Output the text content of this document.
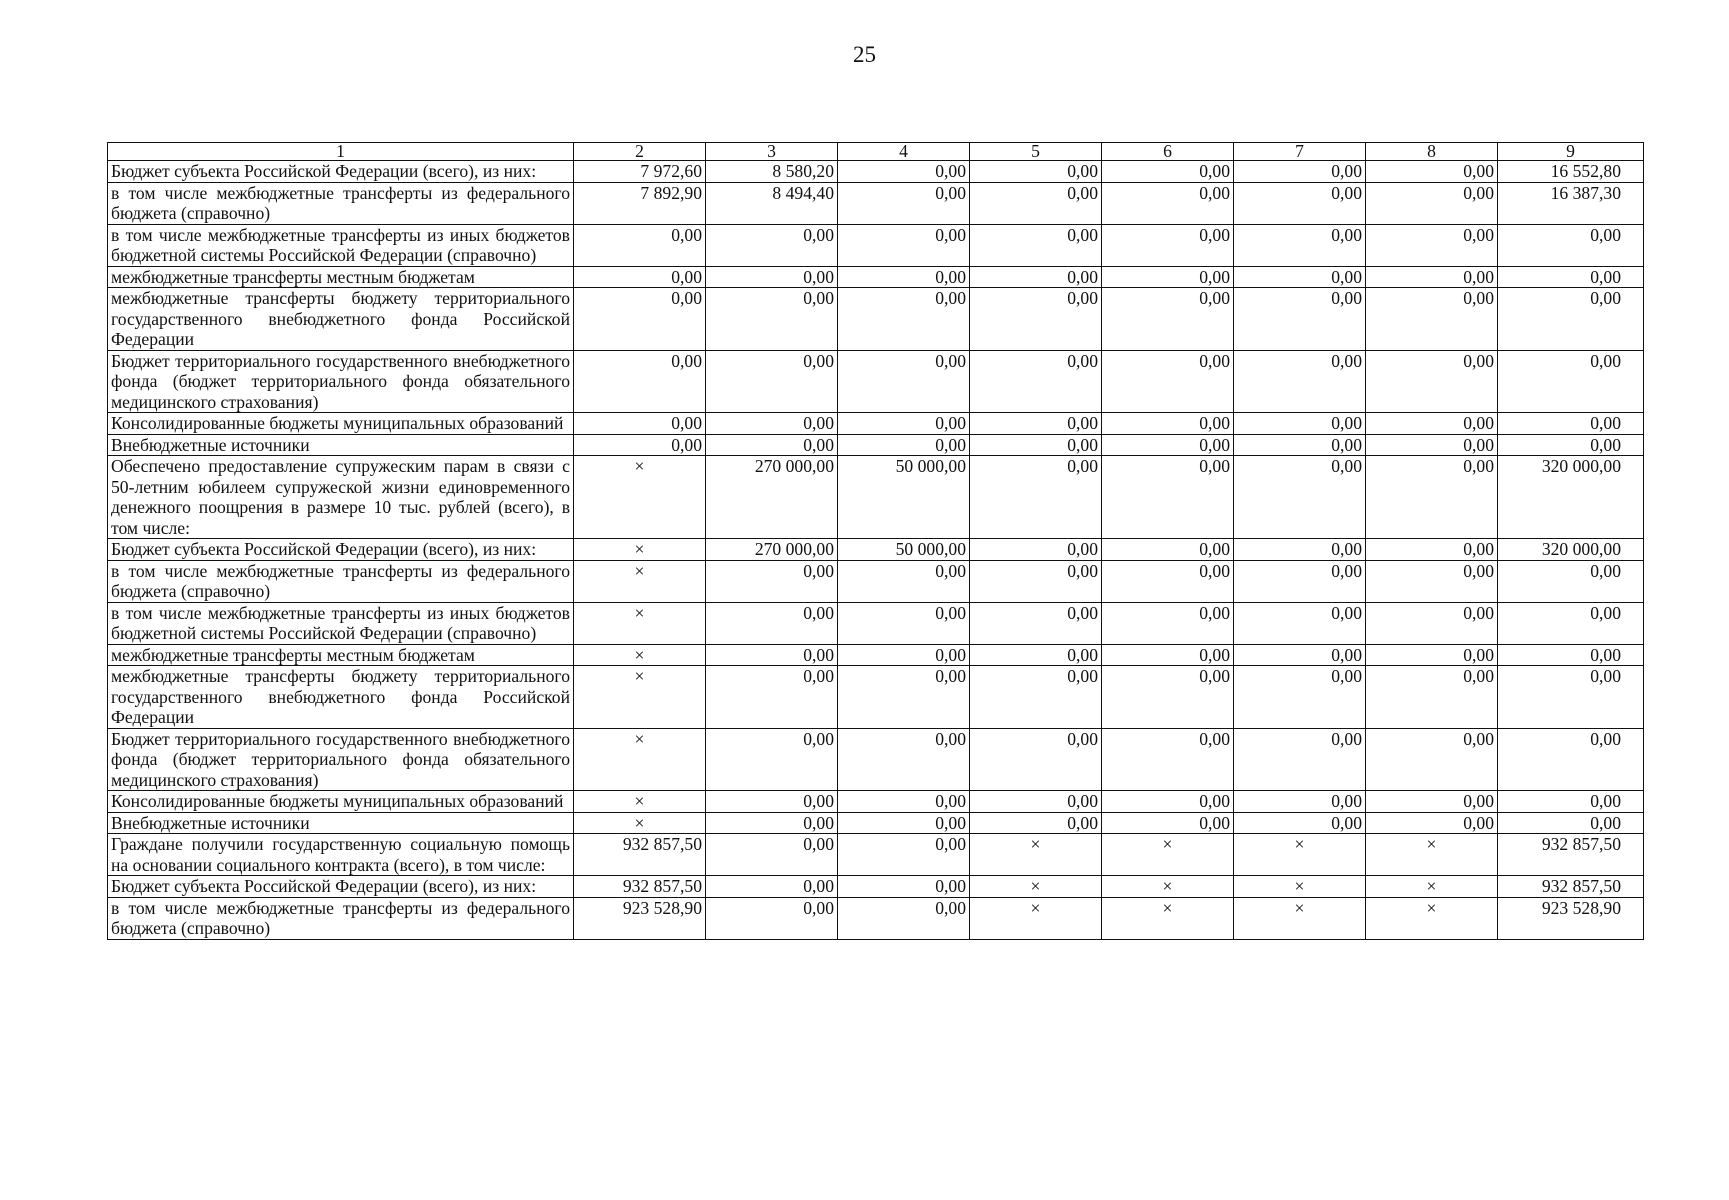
25
1	2	3	4	5	6	7	8	9
Бюджет субъекта Российской Федерации (всего), из них:	7 972,60	8 580,20	0,00	0,00	0,00	0,00	0,00	16 552,80
в том числе межбюджетные трансферты из федерального бюджета (справочно)	7 892,90	8 494,40	0,00	0,00	0,00	0,00	0,00	16 387,30
в том числе межбюджетные трансферты из иных бюджетов бюджетной системы Российской Федерации (справочно)	0,00	0,00	0,00	0,00	0,00	0,00	0,00	0,00
межбюджетные трансферты местным бюджетам	0,00	0,00	0,00	0,00	0,00	0,00	0,00	0,00
межбюджетные трансферты бюджету территориального государственного внебюджетного фонда Российской Федерации	0,00	0,00	0,00	0,00	0,00	0,00	0,00	0,00
Бюджет территориального государственного внебюджетного фонда (бюджет территориального фонда обязательного медицинского страхования)	0,00	0,00	0,00	0,00	0,00	0,00	0,00	0,00
Консолидированные бюджеты муниципальных образований	0,00	0,00	0,00	0,00	0,00	0,00	0,00	0,00
Внебюджетные источники	0,00	0,00	0,00	0,00	0,00	0,00	0,00	0,00
Обеспечено предоставление супружеским парам в связи с 50-летним юбилеем супружеской жизни единовременного денежного поощрения в размере 10 тыс. рублей (всего), в том числе:	×	270 000,00	50 000,00	0,00	0,00	0,00	0,00	320 000,00
Бюджет субъекта Российской Федерации (всего), из них:	×	270 000,00	50 000,00	0,00	0,00	0,00	0,00	320 000,00
в том числе межбюджетные трансферты из федерального бюджета (справочно)	×	0,00	0,00	0,00	0,00	0,00	0,00	0,00
в том числе межбюджетные трансферты из иных бюджетов бюджетной системы Российской Федерации (справочно)	×	0,00	0,00	0,00	0,00	0,00	0,00	0,00
межбюджетные трансферты местным бюджетам	×	0,00	0,00	0,00	0,00	0,00	0,00	0,00
межбюджетные трансферты бюджету территориального государственного внебюджетного фонда Российской Федерации	×	0,00	0,00	0,00	0,00	0,00	0,00	0,00
Бюджет территориального государственного внебюджетного фонда (бюджет территориального фонда обязательного медицинского страхования)	×	0,00	0,00	0,00	0,00	0,00	0,00	0,00
Консолидированные бюджеты муниципальных образований	×	0,00	0,00	0,00	0,00	0,00	0,00	0,00
Внебюджетные источники	×	0,00	0,00	0,00	0,00	0,00	0,00	0,00
Граждане получили государственную социальную помощь на основании социального контракта (всего), в том числе:	932 857,50	0,00	0,00	×	×	×	×	932 857,50
Бюджет субъекта Российской Федерации (всего), из них:	932 857,50	0,00	0,00	×	×	×	×	932 857,50
в том числе межбюджетные трансферты из федерального бюджета (справочно)	923 528,90	0,00	0,00	×	×	×	×	923 528,90
